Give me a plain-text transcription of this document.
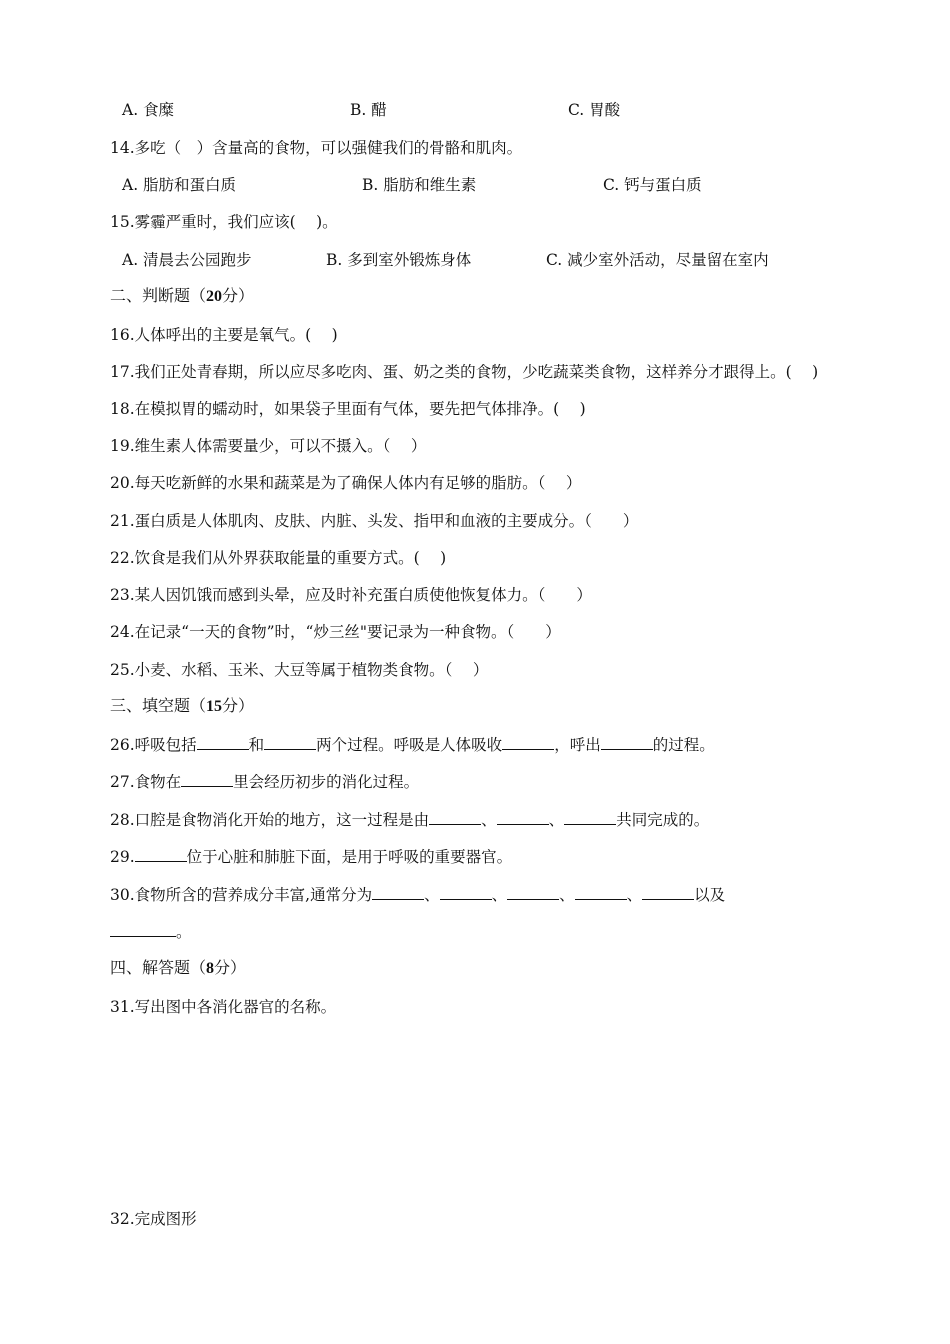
A. 食糜	B. 醋	C. 胃酸
14.多吃（　）含量高的食物，可以强健我们的骨骼和肌肉。
A. 脂肪和蛋白质	B. 脂肪和维生素	C. 钙与蛋白质
15.雾霾严重时，我们应该(　 )。
A. 清晨去公园跑步	B. 多到室外锻炼身体	C. 减少室外活动，尽量留在室内
二、判断题（20分）
16.人体呼出的主要是氧气。(　 )
17.我们正处青春期，所以应尽多吃肉、蛋、奶之类的食物，少吃蔬菜类食物，这样养分才跟得上。(　 )
18.在模拟胃的蠕动时，如果袋子里面有气体，要先把气体排净。(　 )
19.维生素人体需要量少，可以不摄入。（　 ）
20.每天吃新鲜的水果和蔬菜是为了确保人体内有足够的脂肪。（　 ）
21.蛋白质是人体肌肉、皮肤、内脏、头发、指甲和血液的主要成分。（　　）
22.饮食是我们从外界获取能量的重要方式。(　 )
23.某人因饥饿而感到头晕，应及时补充蛋白质使他恢复体力。（　　）
24.在记录“一天的食物”时，“炒三丝"要记录为一种食物。（　　）
25.小麦、水稻、玉米、大豆等属于植物类食物。（　 ）
三、填空题（15分）
26.呼吸包括	和	两个过程。呼吸是人体吸收	，呼出	的过程。
27.食物在	里会经历初步的消化过程。
28.口腔是食物消化开始的地方，这一过程是由	、	、	共同完成的。
29.	位于心脏和肺脏下面，是用于呼吸的重要器官。
30.食物所含的营养成分丰富,通常分为	、	、	、	、	以及
。
四、解答题（8分）
31.写出图中各消化器官的名称。
32.完成图形
